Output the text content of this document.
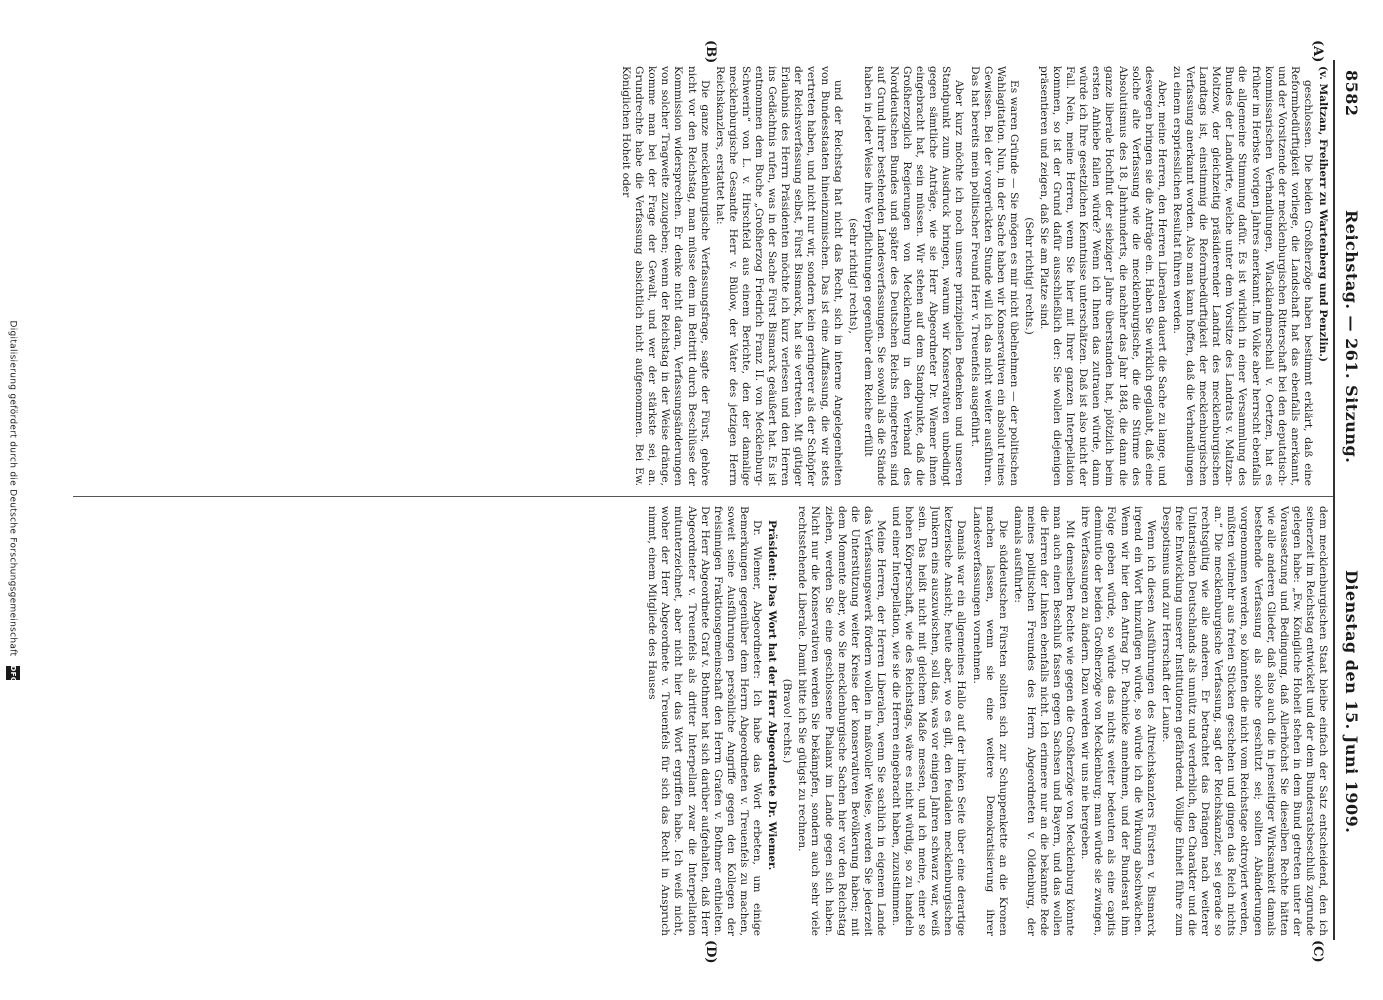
8582
Reichstag. — 261. Sitzung.
Dienstag den 15. Juni 1909.
(A)
(B)
(C)
(D)

(v. Maltzan, Freiherr zu Wartenberg und Penzlin.)

geschlossen. Die beiden Großherzöge haben bestimmt erklärt, daß eine Reformbedürftigkeit vorliege, die Landschaft hat das ebenfalls anerkannt, und der Vorsitzende der mecklenburgischen Ritterschaft bei den deputatisch-kommissarischen Verhandlungen, Wlacklandmarschall v. Oertzen, hat es früher im Herbste vorigen Jahres anerkannt. Im Volke aber herrscht ebenfalls die allgemeine Stimmung dafür. Es ist wirklich in einer Versammlung des Bundes der Landwirte, welche unter dem Vorsitze des Landrats v. Maltzan-Moltzow, der gleichzeitig präsidierender Landrat des mecklenburgischen Landtags ist, einstimmig die Reformbedürftigkeit der mecklenburgischen Verfassung anerkannt worden. Also man kann hoffen, daß die Verhandlungen zu einem erspriesslichen Resultat führen werden.

Aber, meine Herren, den Herren Liberalen dauert die Sache zu lange, und deswegen bringen sie die Anträge ein. Haben Sie wirklich geglaubt, daß eine solche alte Verfassung wie die mecklenburgische, die die Stürme des Absolutismus des 18. Jahrhunderts, die nachher das Jahr 1848, die dann die ganze liberale Hochflut der siebziger Jahre überstanden hat, plötzlich beim ersten Anhiebe fallen würde? Wenn ich Ihnen das zutrauen würde, dann würde ich Ihre gesetzlichen Kenntnisse unterschätzen. Daß ist also nicht der Fall. Nein, meine Herren, wenn Sie hier mit Ihrer ganzen Interpellation kommen, so ist der Grund dafür ausschließlich der: Sie wollen diejenigen präsentieren und zeigen, daß Sie am Platze sind.

(Sehr richtig! rechts.)

Es waren Gründe — Sie mögen es mir nicht übelnehmen — der politischen Wahlagitation. Nun, in der Sache haben wir Konservativen ein absolut reines Gewissen. Bei der vorgerückten Stunde will ich das nicht weiter ausführen. Das hat bereits mein politischer Freund Herr v. Treuenfels ausgeführt.

Aber kurz möchte ich noch unsere prinzipiellen Bedenken und unseren Standpunkt zum Ausdruck bringen, warum wir Konservativen unbedingt gegen sämtliche Anträge, wie sie Herr Abgeordneter Dr. Wiemer ihnen eingebracht hat, sein müssen. Wir stehen auf dem Standpunkte, daß die Großherzoglich Regierungen von Mecklenburg in den Verband des Norddeutschen Bundes und später des Deutschen Reichs eingetreten sind auf Grund ihrer bestehenden Landesverfassungen. Sie sowohl als die Stände haben in jeder Weise ihre Verpflichtungen gegenüber dem Reiche erfüllt

(sehr richtig! rechts),

und der Reichstag hat nicht das Recht, sich in interne Angelegenheiten von Bundesstaaten hineinzumischen. Das ist eine Auffassung, die wir stets vertreten haben, und nicht nur wir, sondern kein geringerer als der Schöpfer der Reichsverfassung selbst, Fürst Bismarck, hat sie vertreten. Mit gütiger Erlaubnis des Herrn Präsidenten möchte ich kurz verlesen und den Herren ins Gedächtnis rufen, was in der Sache Fürst Bismarck geäußert hat. Es ist entnommen dem Buche „Großherzog Friedrich Franz II. von Mecklenburg-Schwerin“ von L. v. Hirschfeld aus einem Berichte, den der damalige mecklenburgische Gesandte Herr v. Bülow, der Vater des jetzigen Herrn Reichskanzlers, erstattet hat:

Die ganze mecklenburgische Verfassungsfrage, sagte der Fürst, gehöre nicht vor den Reichstag, man müsse dem im Beitritt durch Beschlüsse der Kommission widersprechen. Er denke nicht daran, Verfassungsänderungen von solcher Tragweite zuzugeben; wenn der Reichstag in der Weise dränge, komme man bei der Frage der Gewalt, und wer der stärkste sei, an. Grundrechte habe die Verfassung absichtlich nicht aufgenommen. Bei Ew. Königlichen Hoheit oder

dem mecklenburgischen Staat bleibe einfach der Satz entscheidend, den ich seinerzeit im Reichstag entwickelt und der dem Bundesratsbeschluß zugrunde gelegen habe: „Ew. Königliche Hoheit stehen in dem Bund getreten unter der Voraussetzung und Bedingung, daß Allerhöchst Sie dieselben Rechte hätten wie alle anderen Glieder, daß also auch die in jenseitiger Wirksamkeit damals bestehende Verfassung als solche geschützt sei; sollten Abänderungen vorgenommen werden, so könnten die nicht vom Reichstage oktroyiert werden, müßten vielmehr aus freien Stücken geschehen und gingen das Reich nichts an.“ Die mecklenburgische Verfassung, sagt der Reichskanzler, sei gerade so rechtsgültig wie alle anderen. Er betrachtet das Drängen nach weiterer Unitarisation Deutschlands als unnütz und verderblich, den Charakter und die freie Entwicklung unserer Institutionen gefährdend. Völlige Einheit führe zum Despotismus und zur Herrschaft der Laune.

Wenn ich diesen Ausführungen des Altreichskanzlers Fürsten v. Bismarck irgend ein Wort hinzufügen würde, so würde ich die Wirkung abschwächen. Wenn wir hier den Antrag Dr. Pachnicke annehmen, und der Bundesrat ihm Folge geben würde, so würde das nichts weiter bedeuten als eine capitis deminutio der beiden Großherzöge von Mecklenburg; man würde sie zwingen, ihre Verfassungen zu ändern. Dazu werden wir uns nie hergeben.

Mit demselben Rechte wie gegen die Großherzöge von Mecklenburg könnte man auch einen Beschluß fassen gegen Sachsen und Bayern, und das wollen die Herren der Linken ebenfalls nicht. Ich erinnere nur an die bekannte Rede meines politischen Freundes des Herrn Abgeordneten v. Oldenburg, der damals ausführte:

Die süddeutschen Fürsten sollten sich zur Schuppenkette an die Kronen machen lassen, wenn sie eine weitere Demokratisierung ihrer Landesverfassungen vornehmen.

Damals war ein allgemeines Hallo auf der linken Seite über eine derartige ketzerische Ansicht; heute aber, wo es gilt, den feudalen mecklenburgischen Junkern eins auszuwischen, soll das, was vor einigen Jahren schwarz war, weiß sein. Das heißt nicht mit gleichem Maße messen, und ich meine, einer so hohen Körperschaft, wie des Reichstags, wäre es nicht würdig, so zu handeln und einer Interpellation, wie sie die Herren eingebracht haben, zuzustimmen.

Meine Herren, der Herren Liberalen, wenn Sie sachlich in eigenem Lande das Verfassungswerk fördern wollen in maßvoller Weise, werden Sie jederzeit die Unterstützung weiter Kreise der konservativen Bevölkerung haben; mit dem Momente aber, wo Sie mecklenburgische Sachen hier vor den Reichstag ziehen, werden Sie eine geschlossene Phalanx im Lande gegen sich haben. Nicht nur die Konservativen werden Sie bekämpfen, sondern auch sehr viele rechtsstehende Liberale. Damit bitte ich Sie gütigst zu rechnen.

(Bravo! rechts.)

Präsident: Das Wort hat der Herr Abgeordnete Dr. Wiemer.

Dr. Wiemer, Abgeordneter: Ich habe das Wort erbeten, um einige Bemerkungen gegenüber dem Herrn Abgeordneten v. Treuenfels zu machen, soweit seine Ausführungen persönliche Angriffe gegen den Kollegen der freisinnigen Fraktionsgemeinschaft den Herrn Grafen v. Bothmer enthielten. Der Herr Abgeordnete Graf v. Bothmer hat sich darüber aufgehalten, daß Herr Abgeordneter v. Treuenfels als dritter Interpellant zwar die Interpellation mitunterzeichnet, aber nicht hier das Wort ergriffen habe. Ich weiß nicht, woher der Herr Abgeordnete v. Treuenfels für sich das Recht in Anspruch nimmt, einem Mitgliede des Hauses

Digitalisierung gefördert durch die Deutsche Forschungsgemeinschaft DFG
